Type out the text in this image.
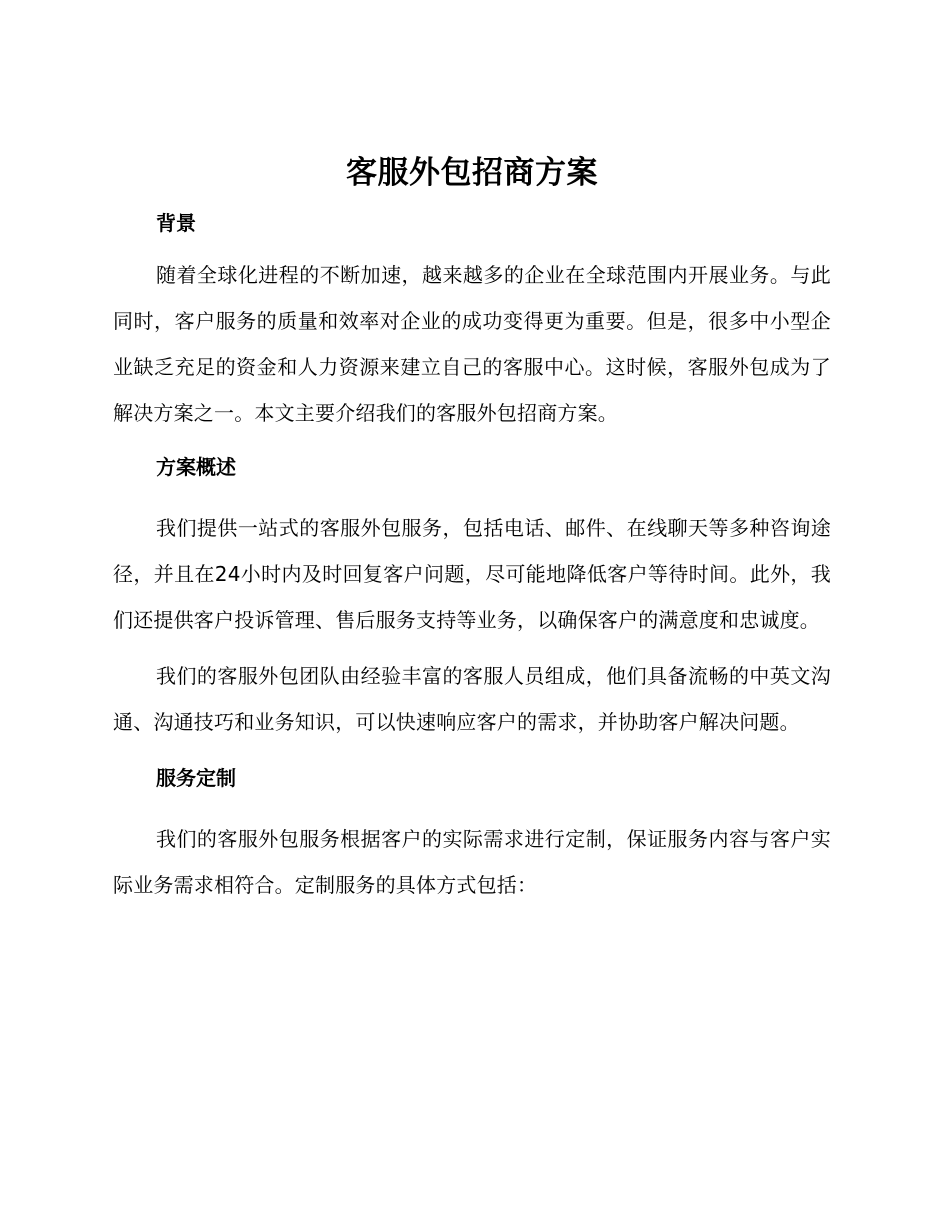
客服外包招商方案
背景

随着全球化进程的不断加速，越来越多的企业在全球范围内开展业务。与此同时，客户服务的质量和效率对企业的成功变得更为重要。但是，很多中小型企业缺乏充足的资金和人力资源来建立自己的客服中心。这时候，客服外包成为了解决方案之一。本文主要介绍我们的客服外包招商方案。

方案概述

我们提供一站式的客服外包服务，包括电话、邮件、在线聊天等多种咨询途径，并且在24小时内及时回复客户问题，尽可能地降低客户等待时间。此外，我们还提供客户投诉管理、售后服务支持等业务，以确保客户的满意度和忠诚度。

我们的客服外包团队由经验丰富的客服人员组成，他们具备流畅的中英文沟通、沟通技巧和业务知识，可以快速响应客户的需求，并协助客户解决问题。

服务定制

我们的客服外包服务根据客户的实际需求进行定制，保证服务内容与客户实际业务需求相符合。定制服务的具体方式包括：
